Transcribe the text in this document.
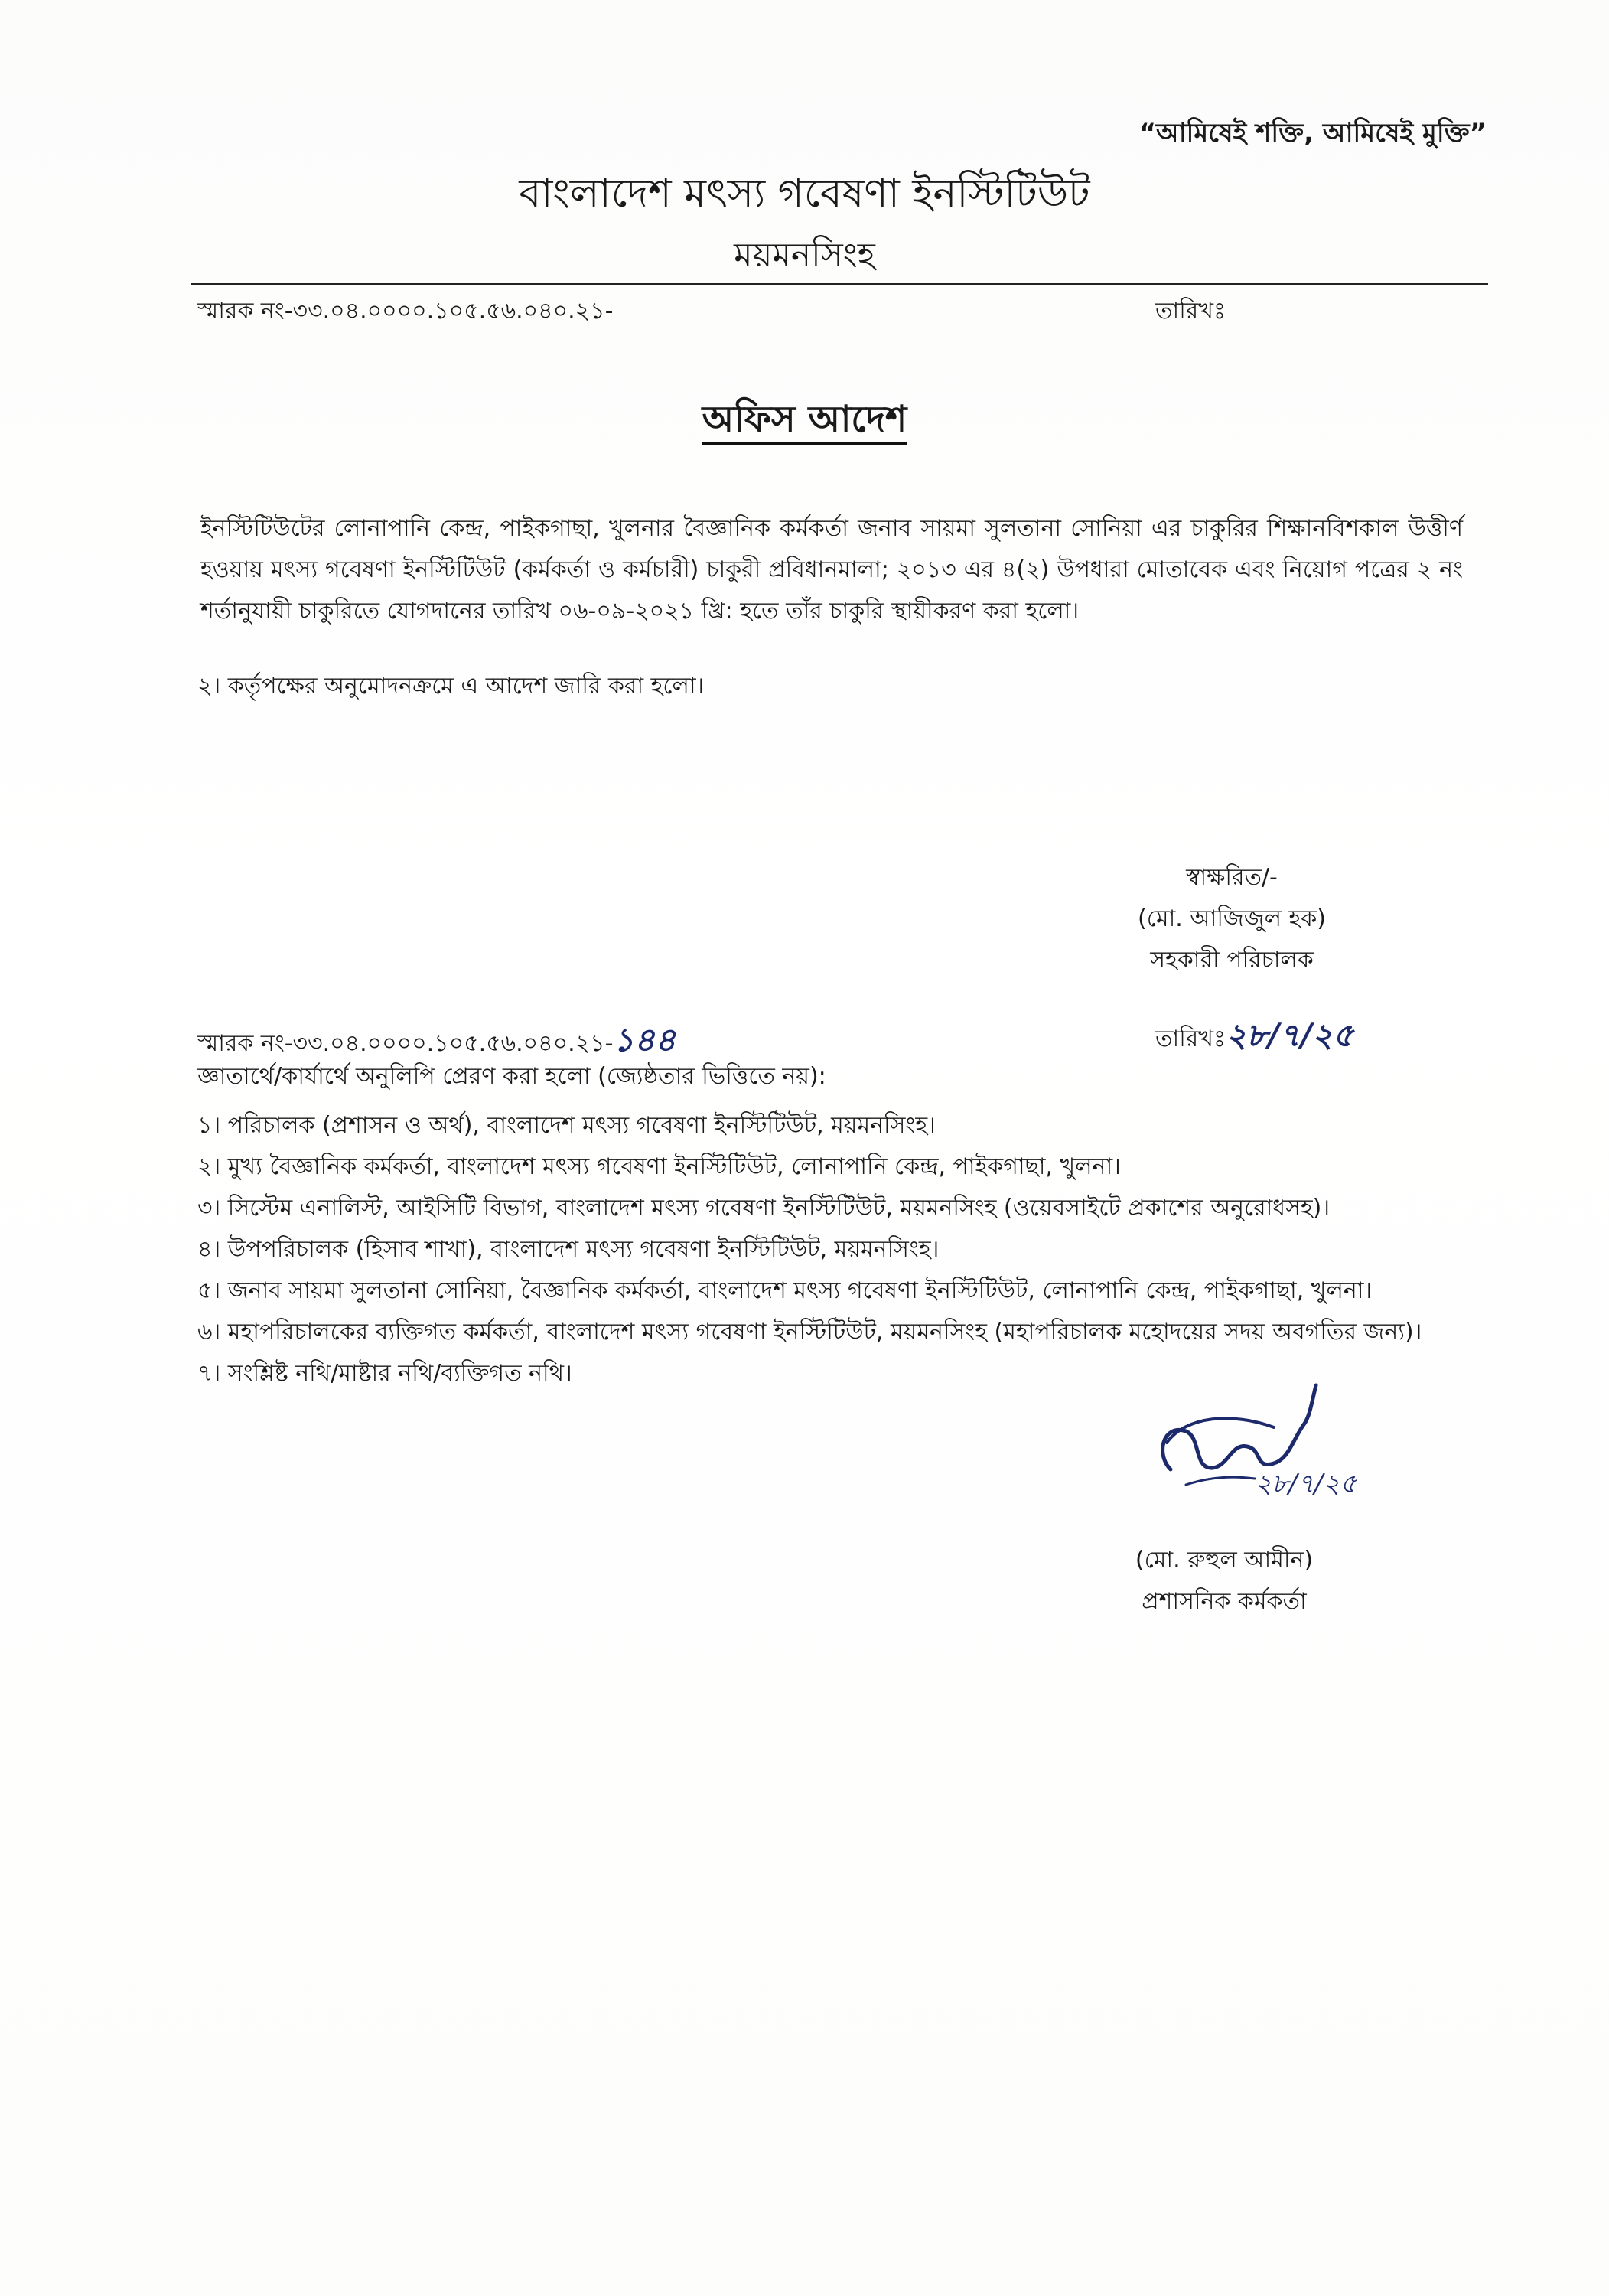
“আমিষেই শক্তি, আমিষেই মুক্তি”
বাংলাদেশ মৎস্য গবেষণা ইনস্টিটিউট
ময়মনসিংহ
স্মারক নং-৩৩.০৪.০০০০.১০৫.৫৬.০৪০.২১-	তারিখঃ
অফিস আদেশ
ইনস্টিটিউটের লোনাপানি কেন্দ্র, পাইকগাছা, খুলনার বৈজ্ঞানিক কর্মকর্তা জনাব সায়মা সুলতানা সোনিয়া এর চাকুরির শিক্ষানবিশকাল উত্তীর্ণ হওয়ায় মৎস্য গবেষণা ইনস্টিটিউট (কর্মকর্তা ও কর্মচারী) চাকুরী প্রবিধানমালা; ২০১৩ এর ৪(২) উপধারা মোতাবেক এবং নিয়োগ পত্রের ২ নং শর্তানুযায়ী চাকুরিতে যোগদানের তারিখ ০৬-০৯-২০২১ খ্রি: হতে তাঁর চাকুরি স্থায়ীকরণ করা হলো।
২। কর্তৃপক্ষের অনুমোদনক্রমে এ আদেশ জারি করা হলো।
স্বাক্ষরিত/-
(মো. আজিজুল হক)
সহকারী পরিচালক
স্মারক নং-৩৩.০৪.০০০০.১০৫.৫৬.০৪০.২১-১৪৪	তারিখঃ২৮/৭/২৫
জ্ঞাতার্থে/কার্যার্থে অনুলিপি প্রেরণ করা হলো (জ্যেষ্ঠতার ভিত্তিতে নয়):
১। পরিচালক (প্রশাসন ও অর্থ), বাংলাদেশ মৎস্য গবেষণা ইনস্টিটিউট, ময়মনসিংহ।
২। মুখ্য বৈজ্ঞানিক কর্মকর্তা, বাংলাদেশ মৎস্য গবেষণা ইনস্টিটিউট, লোনাপানি কেন্দ্র, পাইকগাছা, খুলনা।
৩। সিস্টেম এনালিস্ট, আইসিটি বিভাগ, বাংলাদেশ মৎস্য গবেষণা ইনস্টিটিউট, ময়মনসিংহ (ওয়েবসাইটে প্রকাশের অনুরোধসহ)।
৪। উপপরিচালক (হিসাব শাখা), বাংলাদেশ মৎস্য গবেষণা ইনস্টিটিউট, ময়মনসিংহ।
৫। জনাব সায়মা সুলতানা সোনিয়া, বৈজ্ঞানিক কর্মকর্তা, বাংলাদেশ মৎস্য গবেষণা ইনস্টিটিউট, লোনাপানি কেন্দ্র, পাইকগাছা, খুলনা।
৬। মহাপরিচালকের ব্যক্তিগত কর্মকর্তা, বাংলাদেশ মৎস্য গবেষণা ইনস্টিটিউট, ময়মনসিংহ (মহাপরিচালক মহোদয়ের সদয় অবগতির জন্য)।
৭। সংশ্লিষ্ট নথি/মাষ্টার নথি/ব্যক্তিগত নথি।
২৮/৭/২৫
(মো. রুহুল আমীন)
প্রশাসনিক কর্মকর্তা
